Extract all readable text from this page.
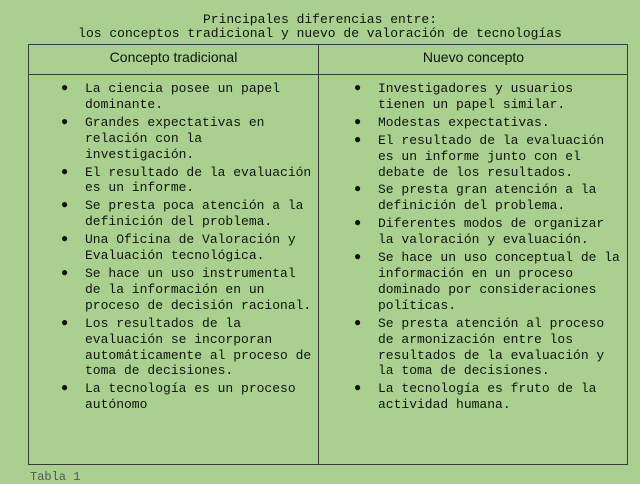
Principales diferencias entre:
los conceptos tradicional y nuevo de valoración de tecnologías
Concepto tradicional	Nuevo concepto
● La ciencia posee un papel dominante.
● Grandes expectativas en relación con la investigación.
● El resultado de la evaluación es un informe.
● Se presta poca atención a la definición del problema.
● Una Oficina de Valoración y Evaluación tecnológica.
● Se hace un uso instrumental de la información en un proceso de decisión racional.
● Los resultados de la evaluación se incorporan automáticamente al proceso de toma de decisiones.
● La tecnología es un proceso autónomo
● Investigadores y usuarios tienen un papel similar.
● Modestas expectativas.
● El resultado de la evaluación es un informe junto con el debate de los resultados.
● Se presta gran atención a la definición del problema.
● Diferentes modos de organizar la valoración y evaluación.
● Se hace un uso conceptual de la información en un proceso dominado por consideraciones políticas.
● Se presta atención al proceso de armonización entre los resultados de la evaluación y la toma de decisiones.
● La tecnología es fruto de la actividad humana.
Tabla 1
